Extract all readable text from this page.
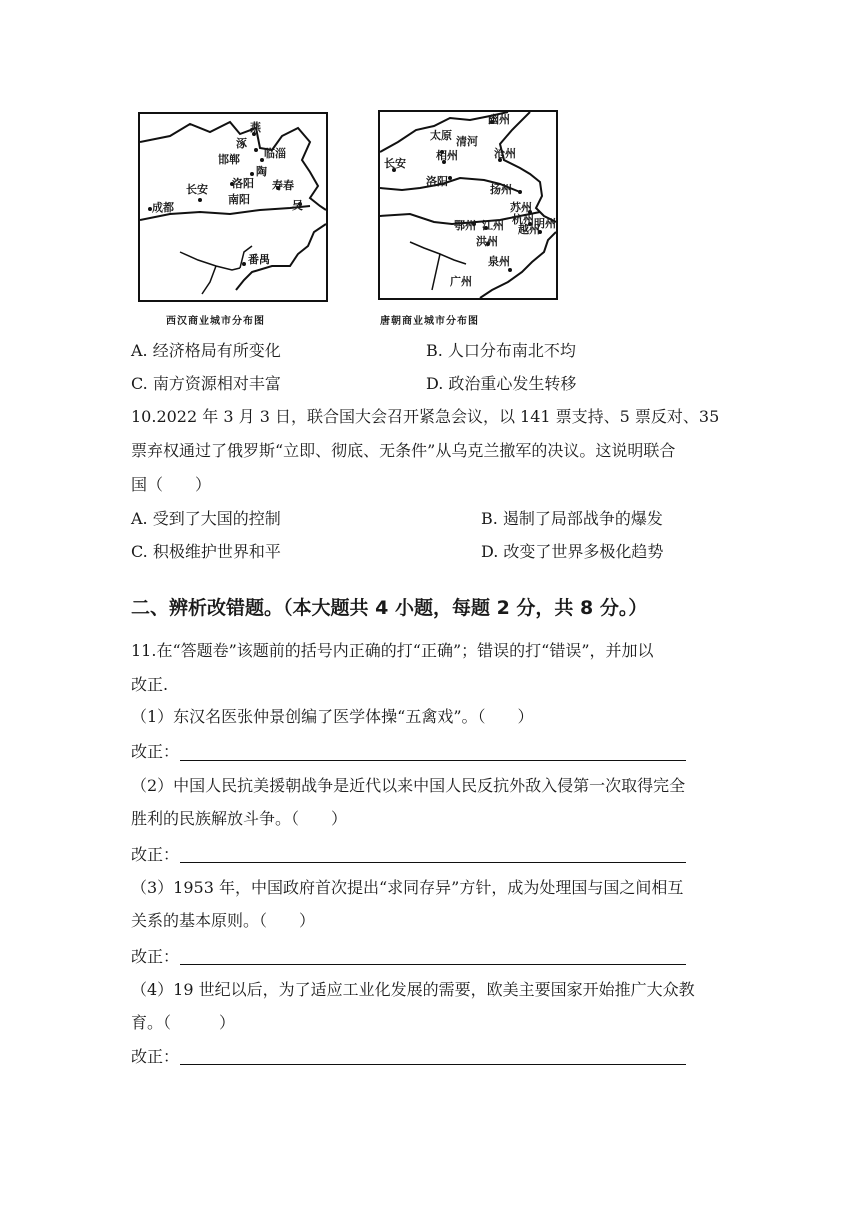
燕
涿
邯郸 临淄
陶
洛阳
长安
南阳
寿春
吴
成都
番禺
西汉商业城市分布图
幽州
太原 清河
相州	沧州
长安
洛阳
扬州
苏州
杭州
鄂州 江州 越州
明州
洪州
泉州
广州
唐朝商业城市分布图
A. 经济格局有所变化	B. 人口分布南北不均
C. 南方资源相对丰富	D. 政治重心发生转移
10.2022 年 3 月 3 日，联合国大会召开紧急会议，以 141 票支持、5 票反对、35
票弃权通过了俄罗斯“立即、彻底、无条件”从乌克兰撤军的决议。这说明联合
国（　　）
A. 受到了大国的控制	B. 遏制了局部战争的爆发
C. 积极维护世界和平	D. 改变了世界多极化趋势
二、辨析改错题。（本大题共 4 小题，每题 2 分，共 8 分。）
11.在“答题卷”该题前的括号内正确的打“正确”；错误的打“错误”，并加以
改正.
（1）东汉名医张仲景创编了医学体操“五禽戏”。（　　）
改正：
（2）中国人民抗美援朝战争是近代以来中国人民反抗外敌入侵第一次取得完全
胜利的民族解放斗争。（　　）
改正：
（3）1953 年，中国政府首次提出“求同存异”方针，成为处理国与国之间相互
关系的基本原则。（　　）
改正：
（4）19 世纪以后，为了适应工业化发展的需要，欧美主要国家开始推广大众教
育。（　　　）
改正：
